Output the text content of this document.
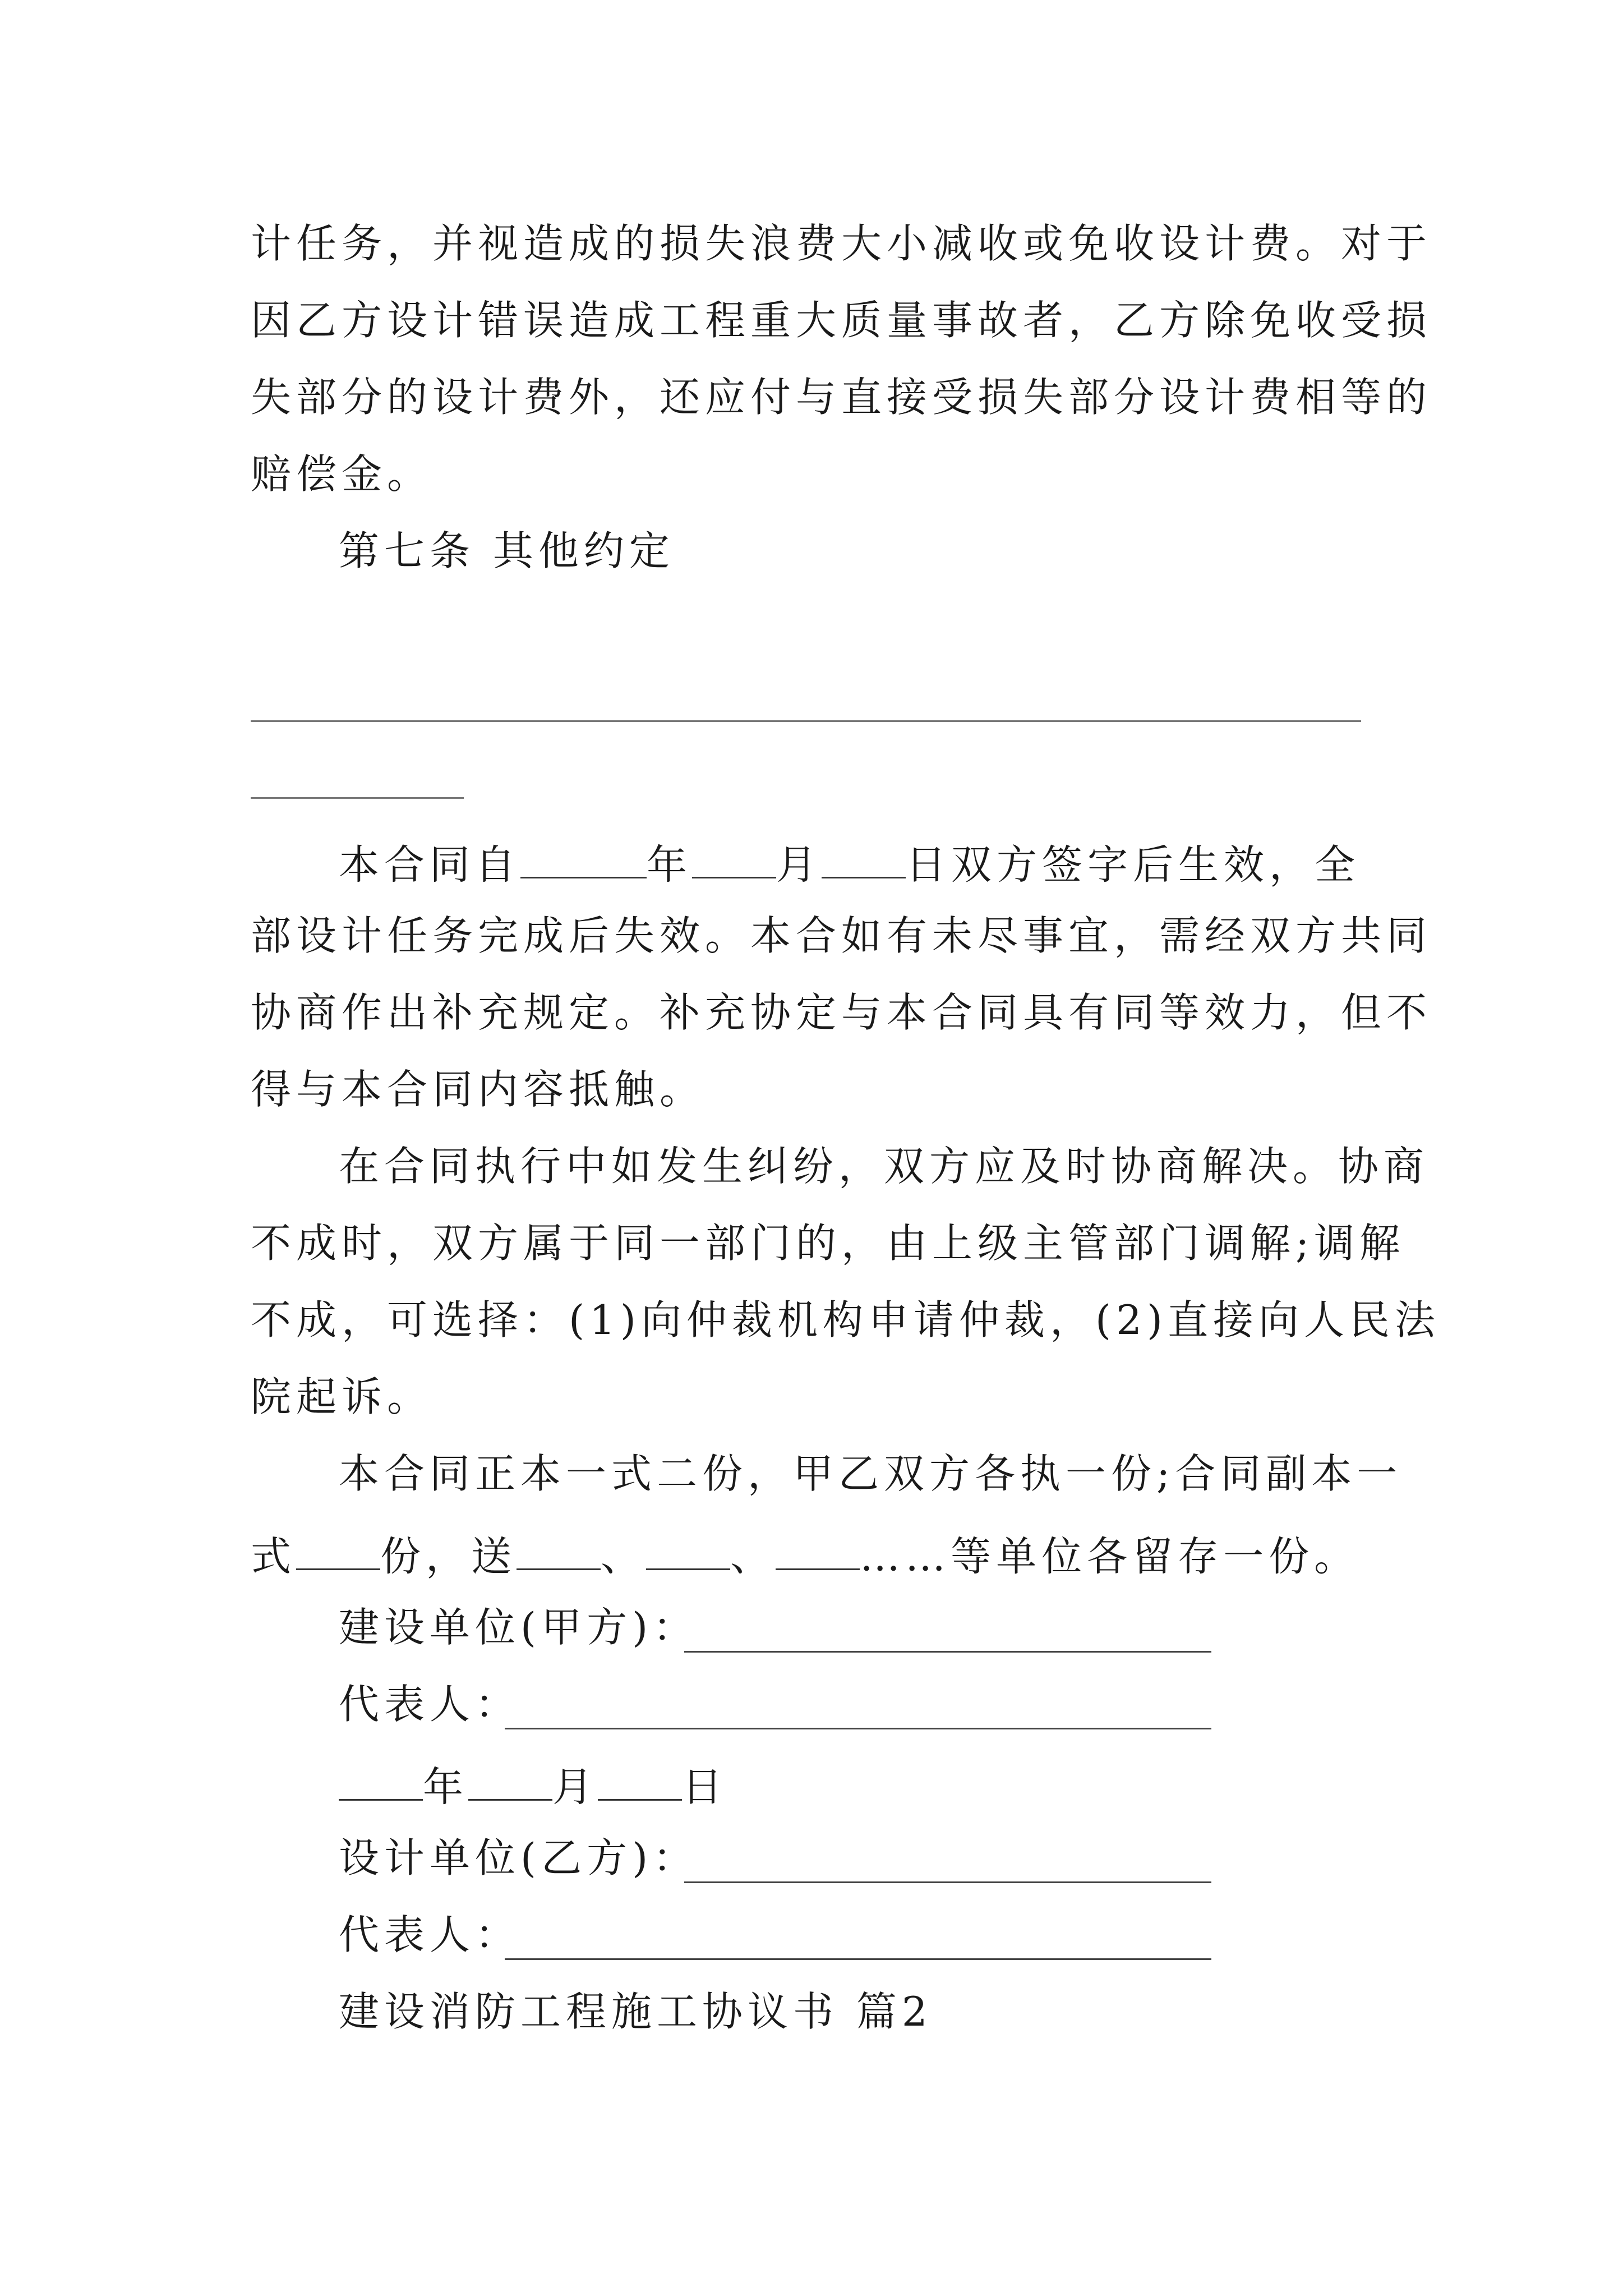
计任务，并视造成的损失浪费大小减收或免收设计费。对于
因乙方设计错误造成工程重大质量事故者，乙方除免收受损
失部分的设计费外，还应付与直接受损失部分设计费相等的
赔偿金。
第七条 其他约定
本合同自	年 月 日双方签字后生效，全
部设计任务完成后失效。本合如有未尽事宜，需经双方共同
协商作出补充规定。补充协定与本合同具有同等效力，但不
得与本合同内容抵触。
在合同执行中如发生纠纷，双方应及时协商解决。协商
不成时，双方属于同一部门的，由上级主管部门调解;调解
不成，可选择：(1)向仲裁机构申请仲裁，(2)直接向人民法
院起诉。
本合同正本一式二份，甲乙双方各执一份;合同副本一
式 份，送 、 、 ……等单位各留存一份。
建设单位(甲方)：
代表人：
年 月 日
设计单位(乙方)：
代表人：
建设消防工程施工协议书 篇2
